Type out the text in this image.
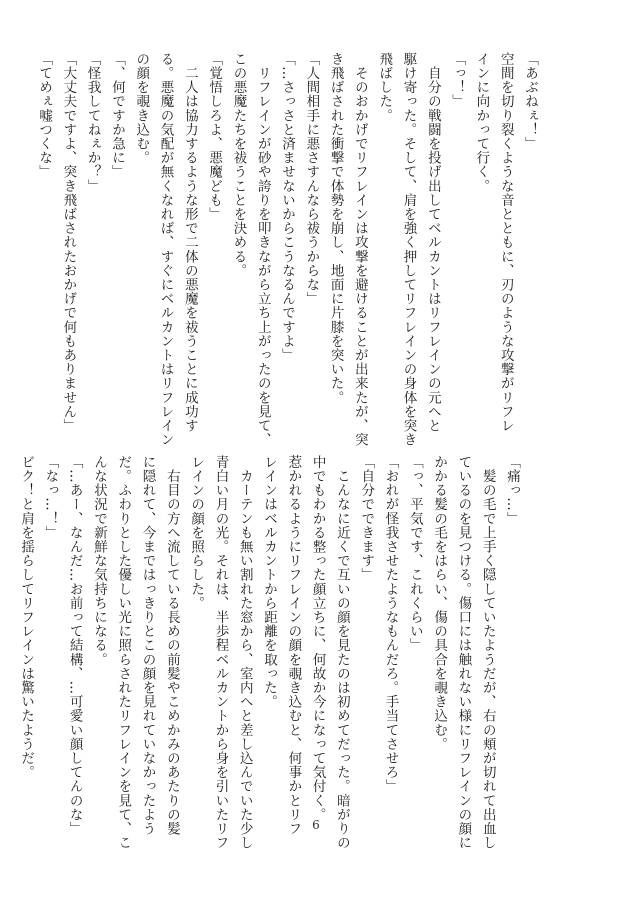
「あぶねぇ！」
空間を切り裂くような音とともに、刃のような攻撃がリフレ
インに向かって行く。
「っ！」
　自分の戦闘を投げ出してベルカントはリフレインの元へと
駆け寄った。そして、肩を強く押してリフレインの身体を突き
飛ばした。
　そのおかげでリフレインは攻撃を避けることが出来たが、突
き飛ばされた衝撃で体勢を崩し、地面に片膝を突いた。
「人間相手に悪さすんなら祓うからな」
「…さっさと済ませないからこうなるんですよ」
　リフレインが砂や誇りを叩きながら立ち上がったのを見て、
この悪魔たちを祓うことを決める。
「覚悟しろよ、悪魔ども」
　二人は協力するような形で二体の悪魔を祓うことに成功す
る。悪魔の気配が無くなれば、すぐにベルカントはリフレイン
の顔を覗き込む。
「、何ですか急に」
「怪我してねぇか？」
「大丈夫ですよ、突き飛ばされたおかげで何もありません」
「てめぇ嘘つくな」
「痛っ…」
　髪の毛で上手く隠していたようだが、右の頬が切れて出血し
ているのを見つける。傷口には触れない様にリフレインの顔に
かかる髪の毛をはらい、傷の具合を覗き込む。
「っ、平気です、これくらい」
「おれが怪我させたようなもんだろ。手当てさせろ」
「自分でできます」
　こんなに近くで互いの顔を見たのは初めてだった。暗がりの
中でもわかる整った顔立ちに、何故か今になって気付く。
惹かれるようにリフレインの顔を覗き込むと、何事かとリフ
レインはベルカントから距離を取った。
　カーテンも無い割れた窓から、室内へと差し込んでいた少し
青白い月の光。それは、半歩程ベルカントから身を引いたリフ
レインの顔を照らした。
　右目の方へ流している長めの前髪やこめかみのあたりの髪
に隠れて、今まではっきりとこの顔を見れていなかったよう
だ。ふわりとした優しい光に照らされたリフレインを見て、こ
んな状況で新鮮な気持ちになる。
「…あー、なんだ…お前って結構、…可愛い顔してんのな」
「なっ…！」
ビク！と肩を揺らしてリフレインは驚いたようだ。
6
